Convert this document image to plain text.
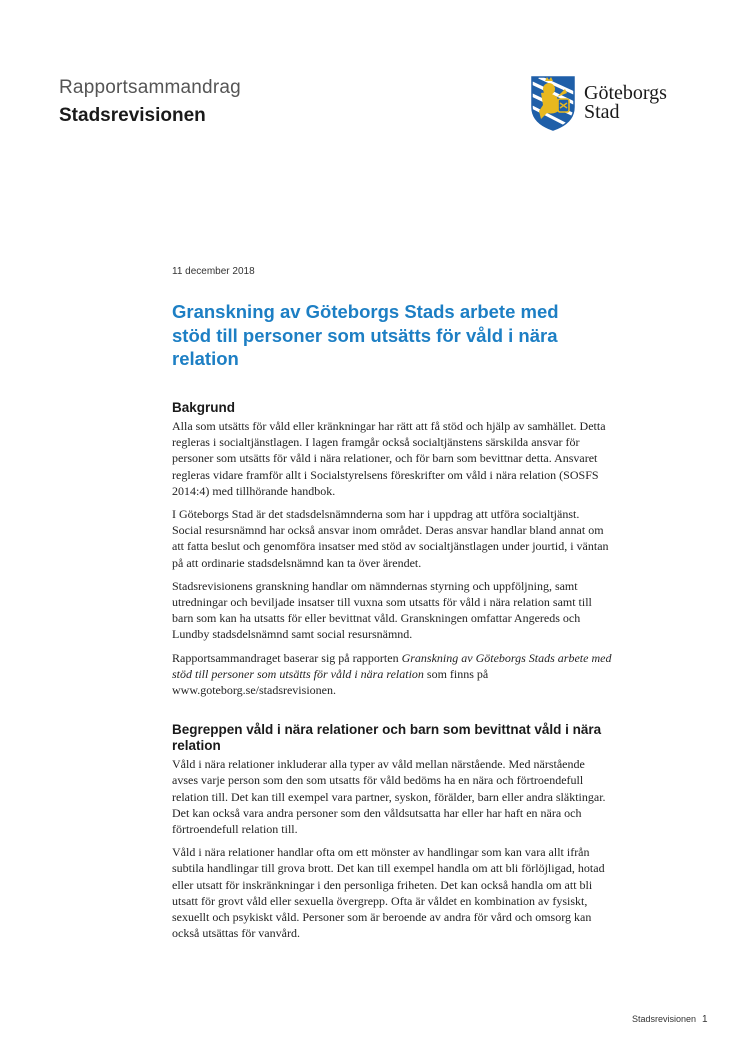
Rapportsammandrag
Stadsrevisionen
Göteborgs
Stad
11 december 2018
Granskning av Göteborgs Stads arbete med stöd till personer som utsätts för våld i nära relation
Bakgrund

Alla som utsätts för våld eller kränkningar har rätt att få stöd och hjälp av samhället. Detta regleras i socialtjänstlagen. I lagen framgår också socialtjänstens särskilda ansvar för personer som utsätts för våld i nära relationer, och för barn som bevittnar detta. Ansvaret regleras vidare framför allt i Socialstyrelsens föreskrifter om våld i nära relation (SOSFS 2014:4) med tillhörande handbok.

I Göteborgs Stad är det stadsdelsnämnderna som har i uppdrag att utföra socialtjänst. Social resursnämnd har också ansvar inom området. Deras ansvar handlar bland annat om att fatta beslut och genomföra insatser med stöd av socialtjänstlagen under jourtid, i väntan på att ordinarie stadsdelsnämnd kan ta över ärendet.

Stadsrevisionens granskning handlar om nämndernas styrning och uppföljning, samt utredningar och beviljade insatser till vuxna som utsatts för våld i nära relation samt till barn som kan ha utsatts för eller bevittnat våld. Granskningen omfattar Angereds och Lundby stadsdelsnämnd samt social resursnämnd.

Rapportsammandraget baserar sig på rapporten Granskning av Göteborgs Stads arbete med stöd till personer som utsätts för våld i nära relation som finns på www.goteborg.se/stadsrevisionen.

Begreppen våld i nära relationer och barn som bevittnat våld i nära relation

Våld i nära relationer inkluderar alla typer av våld mellan närstående. Med närstående avses varje person som den som utsatts för våld bedöms ha en nära och förtroendefull relation till. Det kan till exempel vara partner, syskon, förälder, barn eller andra släktingar. Det kan också vara andra personer som den våldsutsatta har eller har haft en nära och förtroendefull relation till.

Våld i nära relationer handlar ofta om ett mönster av handlingar som kan vara allt ifrån subtila handlingar till grova brott. Det kan till exempel handla om att bli förlöjligad, hotad eller utsatt för inskränkningar i den personliga friheten. Det kan också handla om att bli utsatt för grovt våld eller sexuella övergrepp. Ofta är våldet en kombination av fysiskt, sexuellt och psykiskt våld. Personer som är beroende av andra för vård och omsorg kan också utsättas för vanvård.

Stadsrevisionen 1
